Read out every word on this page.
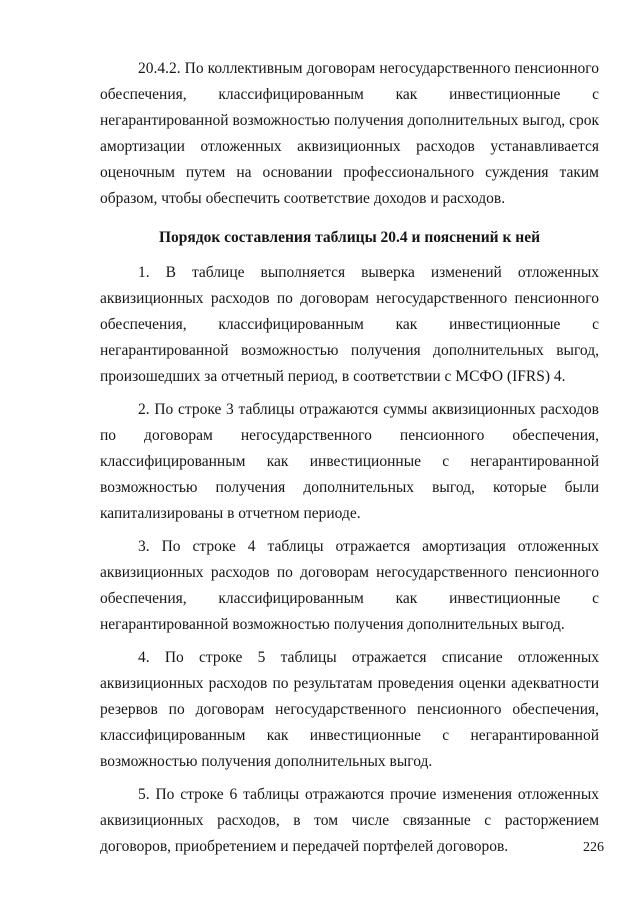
20.4.2. По коллективным договорам негосударственного пенсионного обеспечения, классифицированным как инвестиционные с негарантированной возможностью получения дополнительных выгод, срок амортизации отложенных аквизиционных расходов устанавливается оценочным путем на основании профессионального суждения таким образом, чтобы обеспечить соответствие доходов и расходов.

Порядок составления таблицы 20.4 и пояснений к ней

1. В таблице выполняется выверка изменений отложенных аквизиционных расходов по договорам негосударственного пенсионного обеспечения, классифицированным как инвестиционные с негарантированной возможностью получения дополнительных выгод, произошедших за отчетный период, в соответствии с МСФО (IFRS) 4.

2. По строке 3 таблицы отражаются суммы аквизиционных расходов по договорам негосударственного пенсионного обеспечения, классифицированным как инвестиционные с негарантированной возможностью получения дополнительных выгод, которые были капитализированы в отчетном периоде.

3. По строке 4 таблицы отражается амортизация отложенных аквизиционных расходов по договорам негосударственного пенсионного обеспечения, классифицированным как инвестиционные с негарантированной возможностью получения дополнительных выгод.

4. По строке 5 таблицы отражается списание отложенных аквизиционных расходов по результатам проведения оценки адекватности резервов по договорам негосударственного пенсионного обеспечения, классифицированным как инвестиционные с негарантированной возможностью получения дополнительных выгод.

5. По строке 6 таблицы отражаются прочие изменения отложенных аквизиционных расходов, в том числе связанные с расторжением договоров, приобретением и передачей портфелей договоров.	226
